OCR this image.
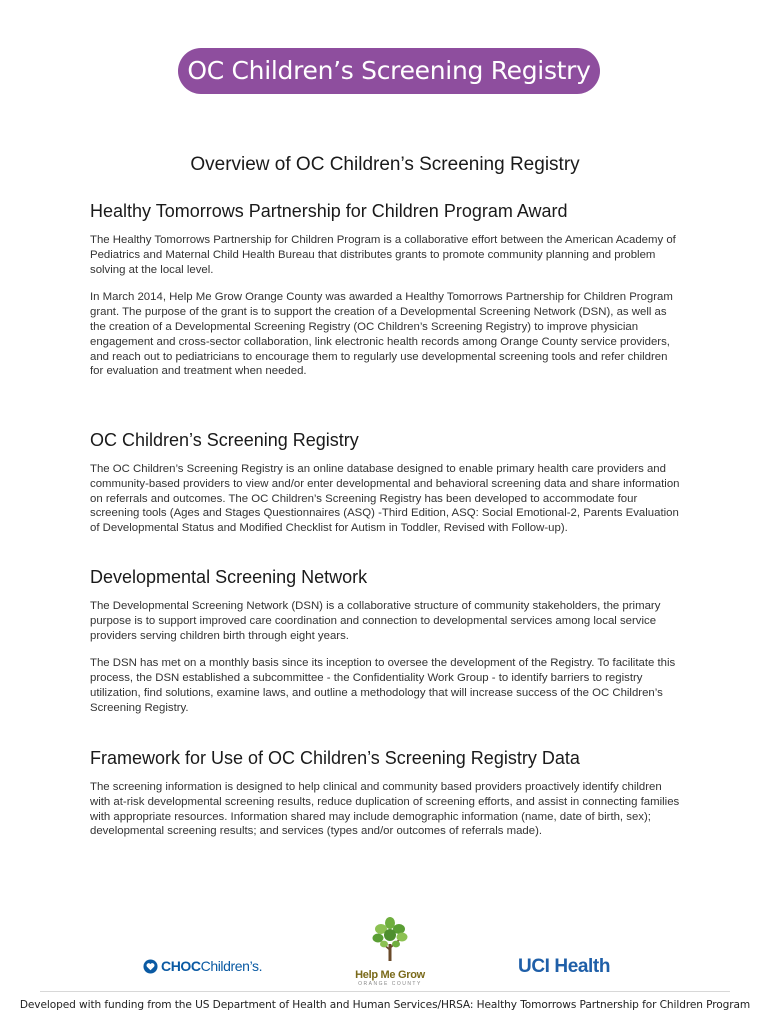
OC Children’s Screening Registry
Overview of OC Children’s Screening Registry
Healthy Tomorrows Partnership for Children Program Award

The Healthy Tomorrows Partnership for Children Program is a collaborative effort between the American Academy of Pediatrics and Maternal Child Health Bureau that distributes grants to promote community planning and problem solving at the local level.

In March 2014, Help Me Grow Orange County was awarded a Healthy Tomorrows Partnership for Children Program grant. The purpose of the grant is to support the creation of a Developmental Screening Network (DSN), as well as the creation of a Developmental Screening Registry (OC Children’s Screening Registry) to improve physician engagement and cross-sector collaboration, link electronic health records among Orange County service providers, and reach out to pediatricians to encourage them to regularly use developmental screening tools and refer children for evaluation and treatment when needed.

OC Children’s Screening Registry

The OC Children’s Screening Registry is an online database designed to enable primary health care providers and community-based providers to view and/or enter developmental and behavioral screening data and share information on referrals and outcomes. The OC Children’s Screening Registry has been developed to accommodate four screening tools (Ages and Stages Questionnaires (ASQ) -Third Edition, ASQ: Social Emotional-2, Parents Evaluation of Developmental Status and Modified Checklist for Autism in Toddler, Revised with Follow-up).

Developmental Screening Network

The Developmental Screening Network (DSN) is a collaborative structure of community stakeholders, the primary purpose is to support improved care coordination and connection to developmental services among local service providers serving children birth through eight years.

The DSN has met on a monthly basis since its inception to oversee the development of the Registry. To facilitate this process, the DSN established a subcommittee - the Confidentiality Work Group - to identify barriers to registry utilization, find solutions, examine laws, and outline a methodology that will increase success of the OC Children’s Screening Registry.

Framework for Use of OC Children’s Screening Registry Data

The screening information is designed to help clinical and community based providers proactively identify children with at-risk developmental screening results, reduce duplication of screening efforts, and assist in connecting families with appropriate resources. Information shared may include demographic information (name, date of birth, sex); developmental screening results; and services (types and/or outcomes of referrals made).

CHOC Children’s.
Help Me Grow
ORANGE COUNTY
UCI Health
Developed with funding from the US Department of Health and Human Services/HRSA: Healthy Tomorrows Partnership for Children Program
